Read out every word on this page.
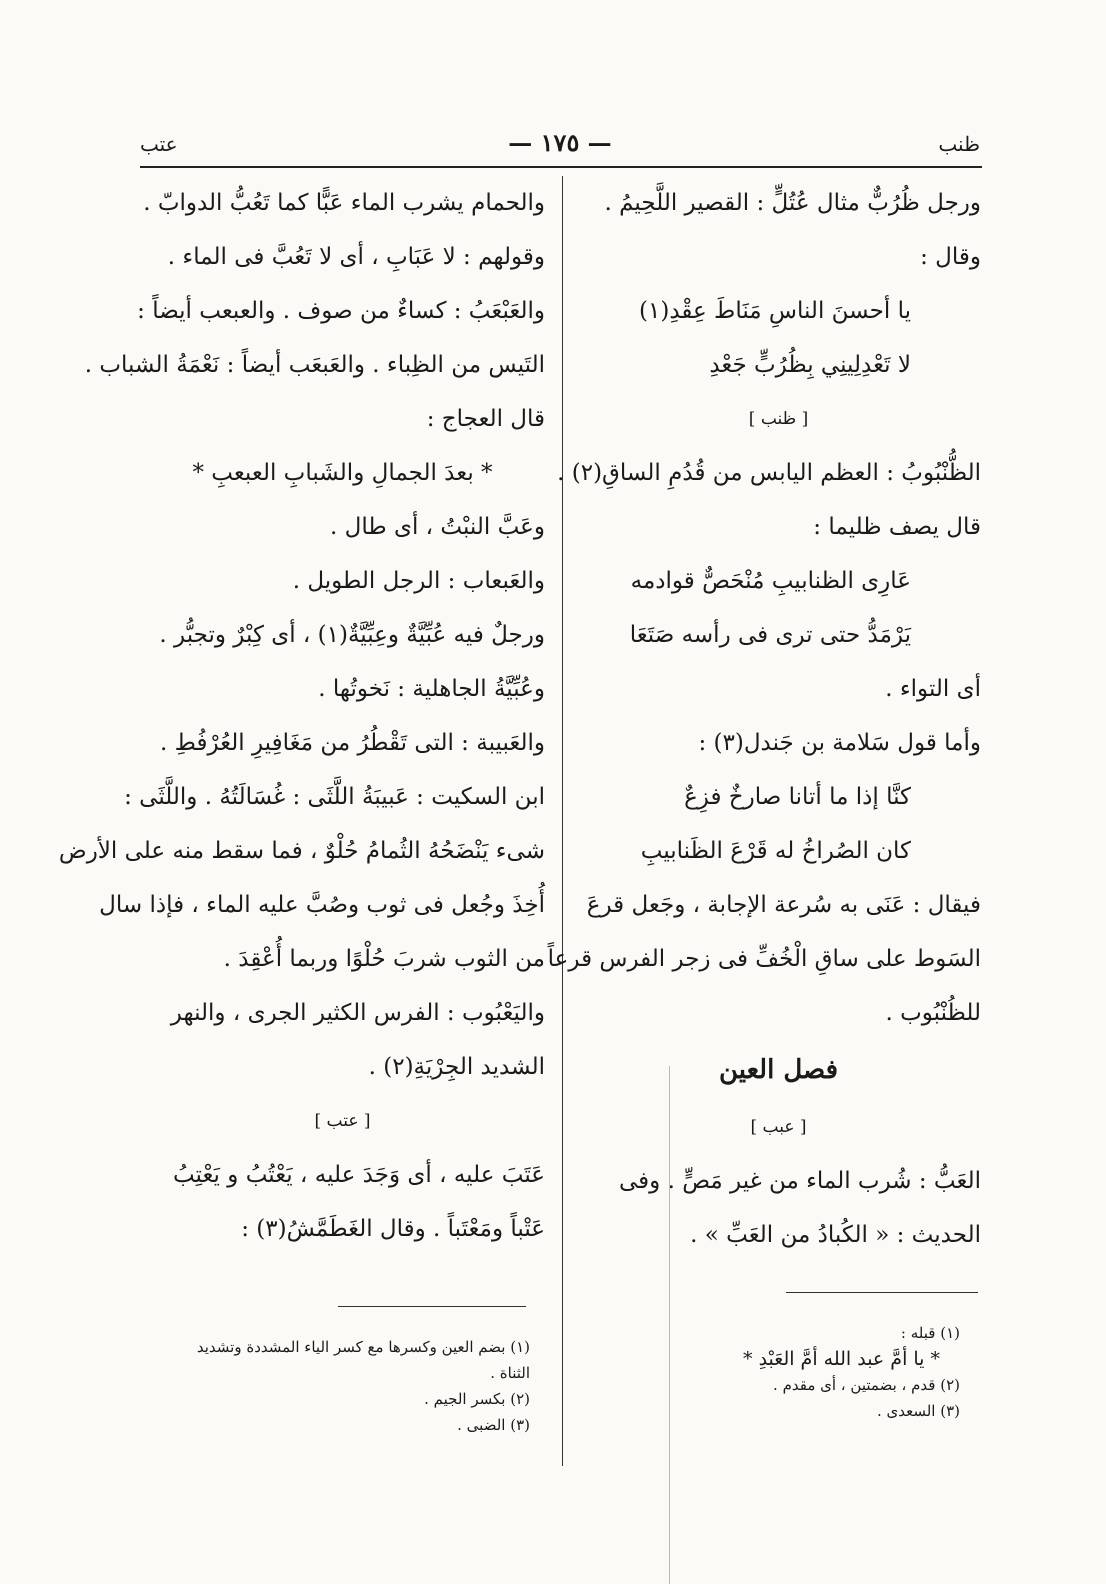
ظنب
— ١٧٥ —
عتب
ورجل ظُرُبٌّ مثال عُتُلٍّ : القصير اللَّحِيمُ .
وقال :
يا أحسنَ الناسِ مَنَاطَ عِقْدِ(١)
لا تَعْدِلِينِي بِظُرُبٍّ جَعْدِ
[ ظنب ]
الظُّنْبُوبُ : العظم اليابس من قُدُمِ الساقِ(٢) .
قال يصف ظليما :
عَارِى الظنابيبِ مُنْحَصٌّ قوادمه
يَرْمَدُّ حتى ترى فى رأسه صَتَعَا
أى التواء .
وأما قول سَلامة بن جَندل(٣) :
كنَّا إذا ما أتانا صارخٌ فزِعٌ
كان الصُراخُ له قَرْعَ الظَنابيبِ
فيقال : عَنَى به سُرعة الإجابة ، وجَعل قرعَ
السَوط على ساقِ الْخُفِّ فى زجر الفرس قرعاً
للظُنْبُوب .
فصل العين
[ عبب ]
العَبُّ : شُرب الماء من غير مَصٍّ . وفى
الحديث : « الكُبادُ من العَبِّ » .
والحمام يشرب الماء عَبًّا كما تَعُبُّ الدوابّ .
وقولهم : لا عَبَابِ ، أى لا تَعُبَّ فى الماء .
والعَبْعَبُ : كساءٌ من صوف . والعبعب أيضاً :
التَيس من الظِباء . والعَبعَب أيضاً : نَعْمَةُ الشباب .
قال العجاج :
* بعدَ الجمالِ والشَبابِ العبعبِ *
وعَبَّ النبْتُ ، أى طال .
والعَبعاب : الرجل الطويل .
ورجلٌ فيه عُبِّيَّةٌ وعِبِّيَّةٌ(١) ، أى كِبْرٌ وتجبُّر .
وعُبِّيَّةُ الجاهلية : نَخوتُها .
والعَبيبة : التى تَقْطُرُ من مَغَافِيرِ العُرْفُطِ .
ابن السكيت : عَبيبَةُ اللَّثَى : غُسَالَتُهُ . واللَّثَى :
شىء يَنْضَحُهُ الثُمامُ حُلْوٌ ، فما سقط منه على الأرض
أُخِذَ وجُعل فى ثوب وصُبَّ عليه الماء ، فإذا سال
من الثوب شربَ حُلْوًا وربما أُعْقِدَ .
واليَعْبُوب : الفرس الكثير الجرى ، والنهر
الشديد الجِرْيَةِ(٢) .
[ عتب ]
عَتَبَ عليه ، أى وَجَدَ عليه ، يَعْتُبُ و يَعْتِبُ
عَتْباً ومَعْتَباً . وقال الغَطَمَّشُ(٣) :
(١) قبله :
* يا أمَّ عبد الله أمَّ العَبْدِ *
(٢) قدم ، بضمتين ، أى مقدم .
(٣) السعدى .
(١) بضم العين وكسرها مع كسر الياء المشددة وتشديد
الثناة .
(٢) بكسر الجيم .
(٣) الضبى .
